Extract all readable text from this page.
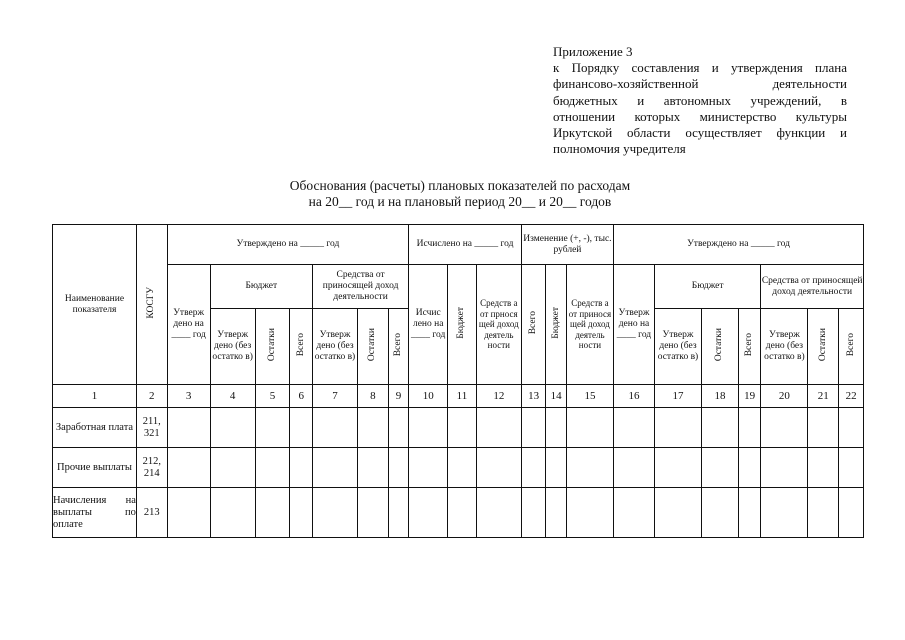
Приложение 3
к Порядку составления и утверждения плана
финансово-хозяйственной деятельности
бюджетных и автономных учреждений, в
отношении которых министерство культуры
Иркутской области осуществляет функции и
полномочия учредителя
Обоснования (расчеты) плановых показателей по расходам
на 20__ год и на плановый период 20__ и 20__ годов
Наименование показателя	КОСГУ	Утверждено на _____ год							Исчислено на _____ год			Изменение (+, -), тыс. рублей			Утверждено на _____ год						
		Утверж дено на ____ год	Бюджет			Средства от приносящей доход деятельности			Исчис лено на ____ год	Бюджет	Средств а от прнося щей доход деятель ности	Всего	Бюджет	Средств а от принося щей доход деятель ности	Утверж дено на ____ год	Бюджет			Средства от приносящей доход деятельности		
			Утверж дено (без остатко в)	Остатки	Всего	Утверж дено (без остатко в)	Остатки	Всего								Утверж дено (без остатко в)	Остатки	Всего	Утверж дено (без остатко в)	Остатки	Всего
1	2	3	4	5	6	7	8	9	10	11	12	13	14	15	16	17	18	19	20	21	22
Заработная плата	211, 321																				
Прочие выплаты	212, 214																				
Начисления на выплаты по оплате	213																				
